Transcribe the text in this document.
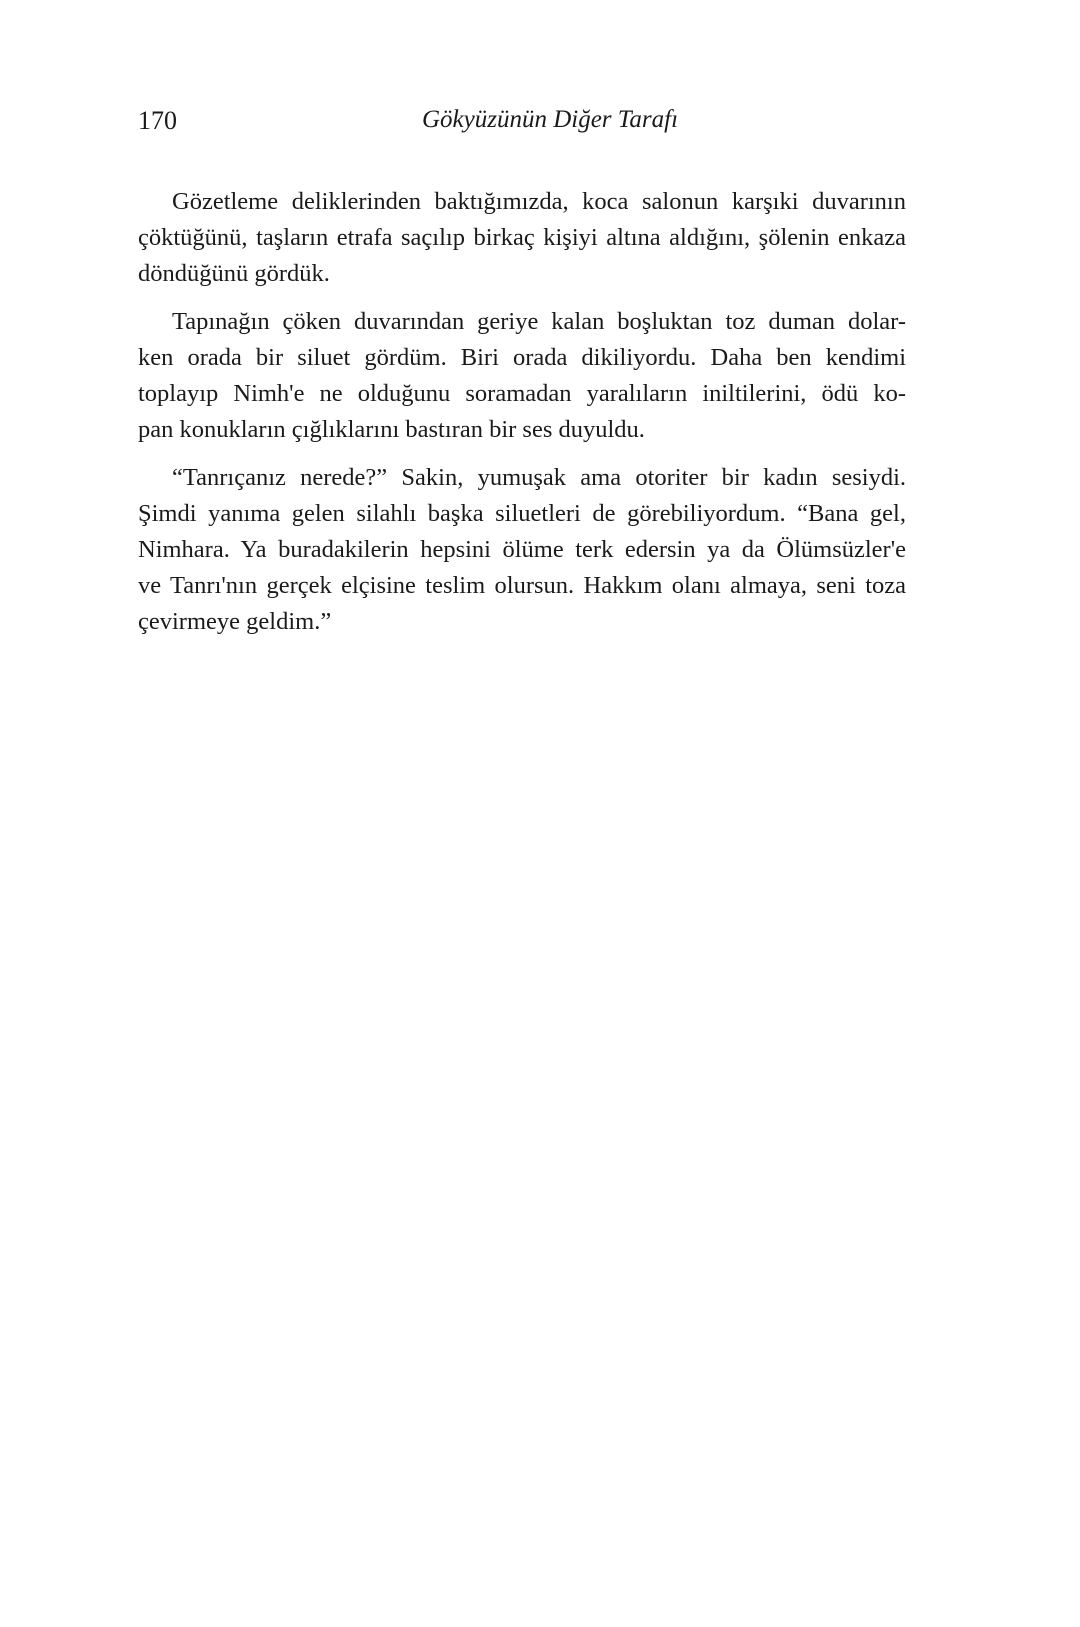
170	Gökyüzünün Diğer Tarafı
Gözetleme deliklerinden baktığımızda, koca salonun karşıki duvarının
çöktüğünü, taşların etrafa saçılıp birkaç kişiyi altına aldığını, şölenin enkaza
döndüğünü gördük.
Tapınağın çöken duvarından geriye kalan boşluktan toz duman dolar-
ken orada bir siluet gördüm. Biri orada dikiliyordu. Daha ben kendimi
toplayıp Nimh'e ne olduğunu soramadan yaralıların iniltilerini, ödü ko-
pan konukların çığlıklarını bastıran bir ses duyuldu.
“Tanrıçanız nerede?” Sakin, yumuşak ama otoriter bir kadın sesiydi.
Şimdi yanıma gelen silahlı başka siluetleri de görebiliyordum. “Bana gel,
Nimhara. Ya buradakilerin hepsini ölüme terk edersin ya da Ölümsüzler'e
ve Tanrı'nın gerçek elçisine teslim olursun. Hakkım olanı almaya, seni toza
çevirmeye geldim.”
